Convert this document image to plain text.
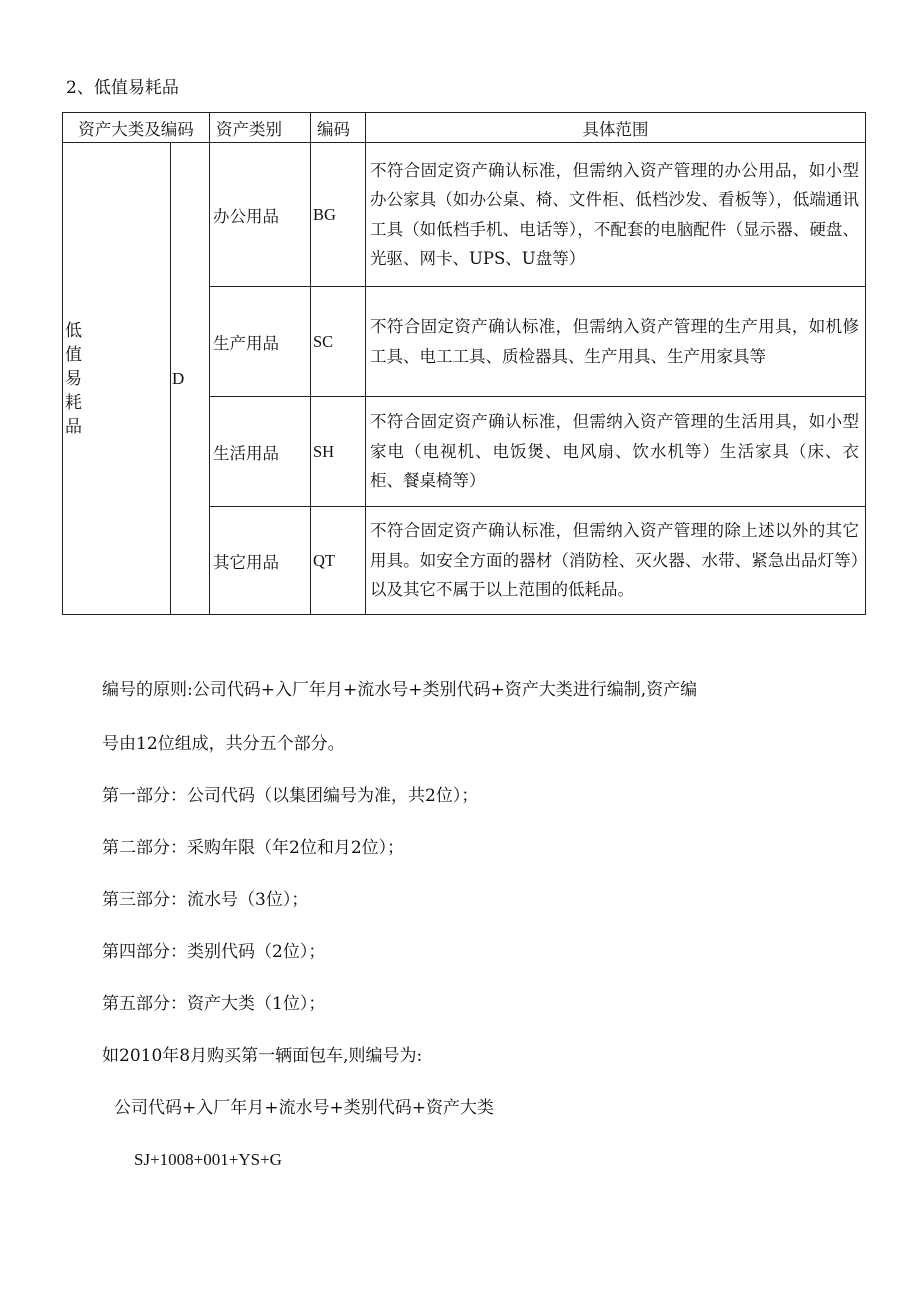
2、低值易耗品
资产大类及编码		资产类别	编码	具体范围

低值易耗品	D	办公用品	BG	不符合固定资产确认标准，但需纳入资产管理的办公用品，如小型办公家具（如办公桌、椅、文件柜、低档沙发、看板等），低端通讯工具（如低档手机、电话等），不配套的电脑配件（显示器、硬盘、光驱、网卡、UPS、U盘等）
		生产用品	SC	不符合固定资产确认标准，但需纳入资产管理的生产用具，如机修工具、电工工具、质检器具、生产用具、生产用家具等
		生活用品	SH	不符合固定资产确认标准，但需纳入资产管理的生活用具，如小型家电（电视机、电饭煲、电风扇、饮水机等）生活家具（床、衣柜、餐桌椅等）
		其它用品	QT	不符合固定资产确认标准，但需纳入资产管理的除上述以外的其它用具。如安全方面的器材（消防栓、灭火器、水带、紧急出品灯等）以及其它不属于以上范围的低耗品。
编号的原则:公司代码+入厂年月+流水号+类别代码+资产大类进行编制,资产编
号由12位组成，共分五个部分。
第一部分：公司代码（以集团编号为准，共2位）；
第二部分：采购年限（年2位和月2位）；
第三部分：流水号（3位）；
第四部分：类别代码（2位）；
第五部分：资产大类（1位）；
如2010年8月购买第一辆面包车,则编号为:
公司代码+入厂年月+流水号+类别代码+资产大类
SJ+1008+001+YS+G
